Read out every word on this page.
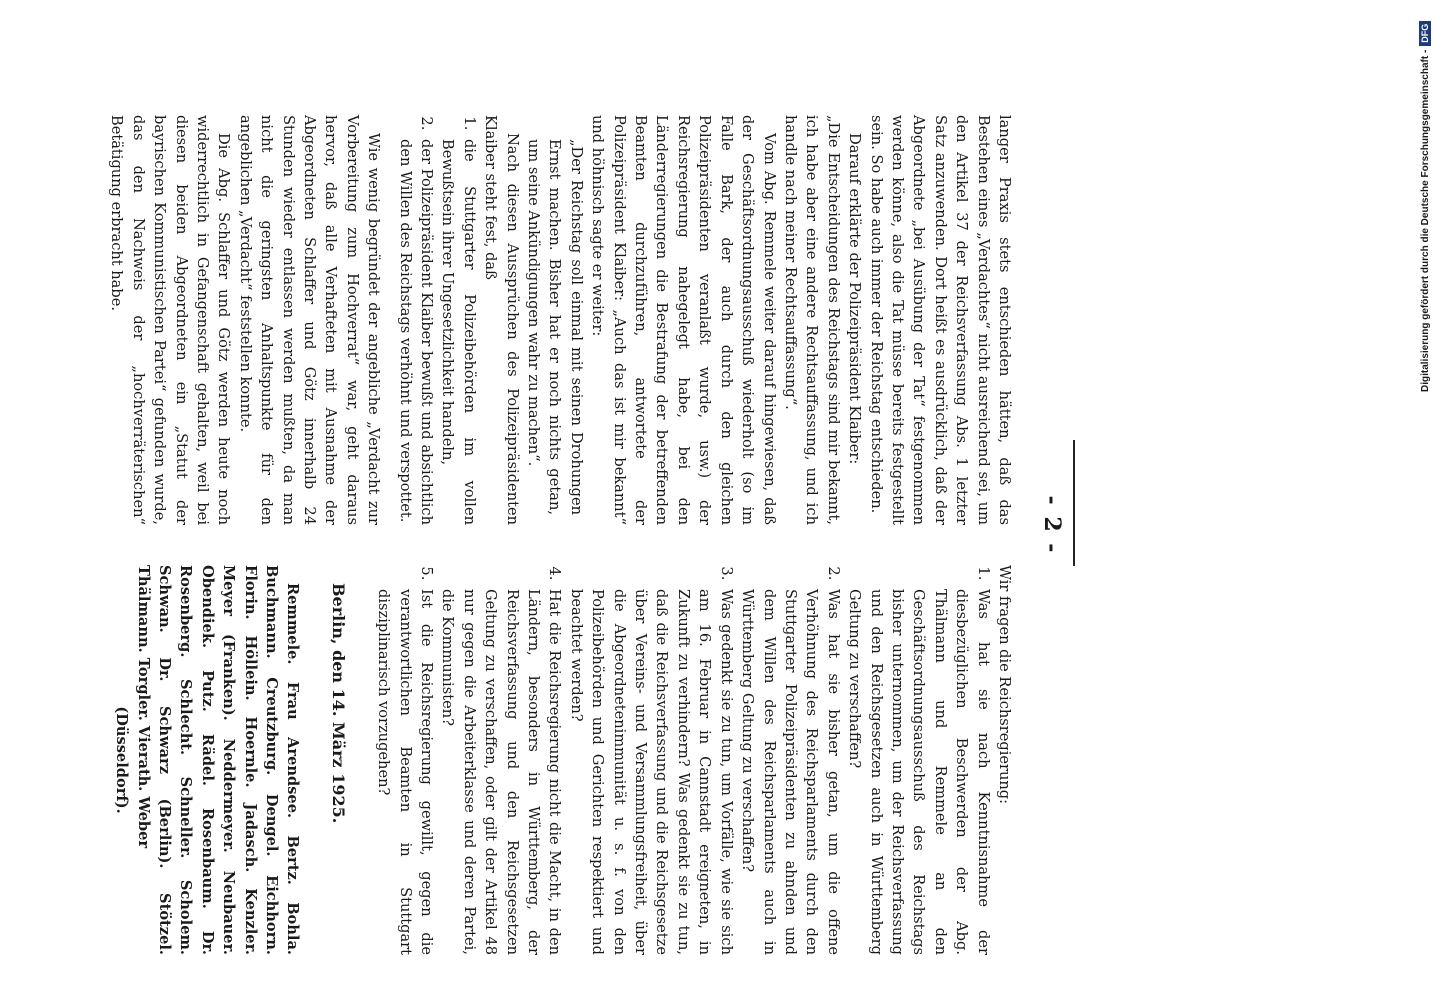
- 2 -

langer Praxis stets entschieden hätten, daß das Bestehen eines „Verdachtes“ nicht ausreichend sei, um den Artikel 37 der Reichsverfassung Abs. 1 letzter Satz anzuwenden. Dort heißt es ausdrücklich, daß der Abgeordnete „bei Ausübung der Tat“ festgenommen werden könne, also die Tat müsse bereits festgestellt sein. So habe auch immer der Reichstag entschieden.

Darauf erklärte der Polizeipräsident Klaiber:

„Die Entscheidungen des Reichstags sind mir bekannt, ich habe aber eine andere Rechtsauffassung, und ich handle nach meiner Rechtsauffassung“.

Vom Abg. Remmele weiter darauf hingewiesen, daß der Geschäftsordnungsausschuß wiederholt (so im Falle Bark, der auch durch den gleichen Polizeipräsidenten veranlaßt wurde, usw.) der Reichsregierung nahegelegt habe, bei den Länderregierungen die Bestrafung der betreffenden Beamten durchzuführen, antwortete der Polizeipräsident Klaiber: „Auch das ist mir bekannt“ und höhnisch sagte er weiter:

„Der Reichstag soll einmal mit seinen Drohungen Ernst machen. Bisher hat er noch nichts getan, um seine Ankündigungen wahr zu machen“.

Nach diesen Aussprüchen des Polizeipräsidenten Klaiber steht fest, daß

1. die Stuttgarter Polizeibehörden im vollen Bewußtsein ihrer Ungesetzlichkeit handeln,
2. der Polizeipräsident Klaiber bewußt und absichtlich den Willen des Reichstags verhöhnt und verspottet.

Wie wenig begründet der angebliche „Verdacht zur Vorbereitung zum Hochverrat“ war, geht daraus hervor, daß alle Verhafteten mit Ausnahme der Abgeordneten Schlaffer und Götz innerhalb 24 Stunden wieder entlassen werden mußten, da man nicht die geringsten Anhaltspunkte für den angeblichen „Verdacht“ feststellen konnte.

Die Abg. Schlaffer und Götz werden heute noch widerrechtlich in Gefangenschaft gehalten, weil bei diesen beiden Abgeordneten ein „Statut der bayrischen Kommunistischen Partei“ gefunden wurde, das den Nachweis der „hochverräterischen“ Betätigung erbracht habe.

Wir fragen die Reichsregierung:

1. Was hat sie nach Kenntnisnahme der diesbezüglichen Beschwerden der Abg. Thälmann und Remmele an den Geschäftsordnungsausschuß des Reichstags bisher unternommen, um der Reichsverfassung und den Reichsgesetzen auch in Württemberg Geltung zu verschaffen?
2. Was hat sie bisher getan, um die offene Verhöhnung des Reichsparlaments durch den Stuttgarter Polizeipräsidenten zu ahnden und dem Willen des Reichsparlaments auch in Württemberg Geltung zu verschaffen?
3. Was gedenkt sie zu tun, um Vorfälle, wie sie sich am 16. Februar in Cannstadt ereigneten, in Zukunft zu verhindern? Was gedenkt sie zu tun, daß die Reichsverfassung und die Reichsgesetze über Vereins- und Versammlungsfreiheit, über die Abgeordnetenimmunität u. s. f. von den Polizeibehörden und Gerichten respektiert und beachtet werden?
4. Hat die Reichsregierung nicht die Macht, in den Ländern, besonders in Württemberg, der Reichsverfassung und den Reichsgesetzen Geltung zu verschaffen, oder gilt der Artikel 48 nur gegen die Arbeiterklasse und deren Partei, die Kommunisten?
5. Ist die Reichsregierung gewillt, gegen die verantwortlichen Beamten in Stuttgart disziplinarisch vorzugehen?

Berlin, den 14. März 1925.

Remmele. Frau Arendsee. Bertz. Bohla. Buchmann. Creutzburg. Dengel. Eichhorn. Florin. Höllein. Hoernle. Jadasch. Kenzler. Meyer (Franken). Neddermeyer. Neubauer. Obendiek. Putz. Rädel. Rosenbaum. Dr. Rosenberg. Schlecht. Schneller. Scholem. Schwan. Dr. Schwarz (Berlin). Stötzel. Thälmann. Torgler. Vierath. Weber

(Düsseldorf).
Digitalisierung gefördert durch die Deutsche Forschungsgemeinschaft -
DFG
